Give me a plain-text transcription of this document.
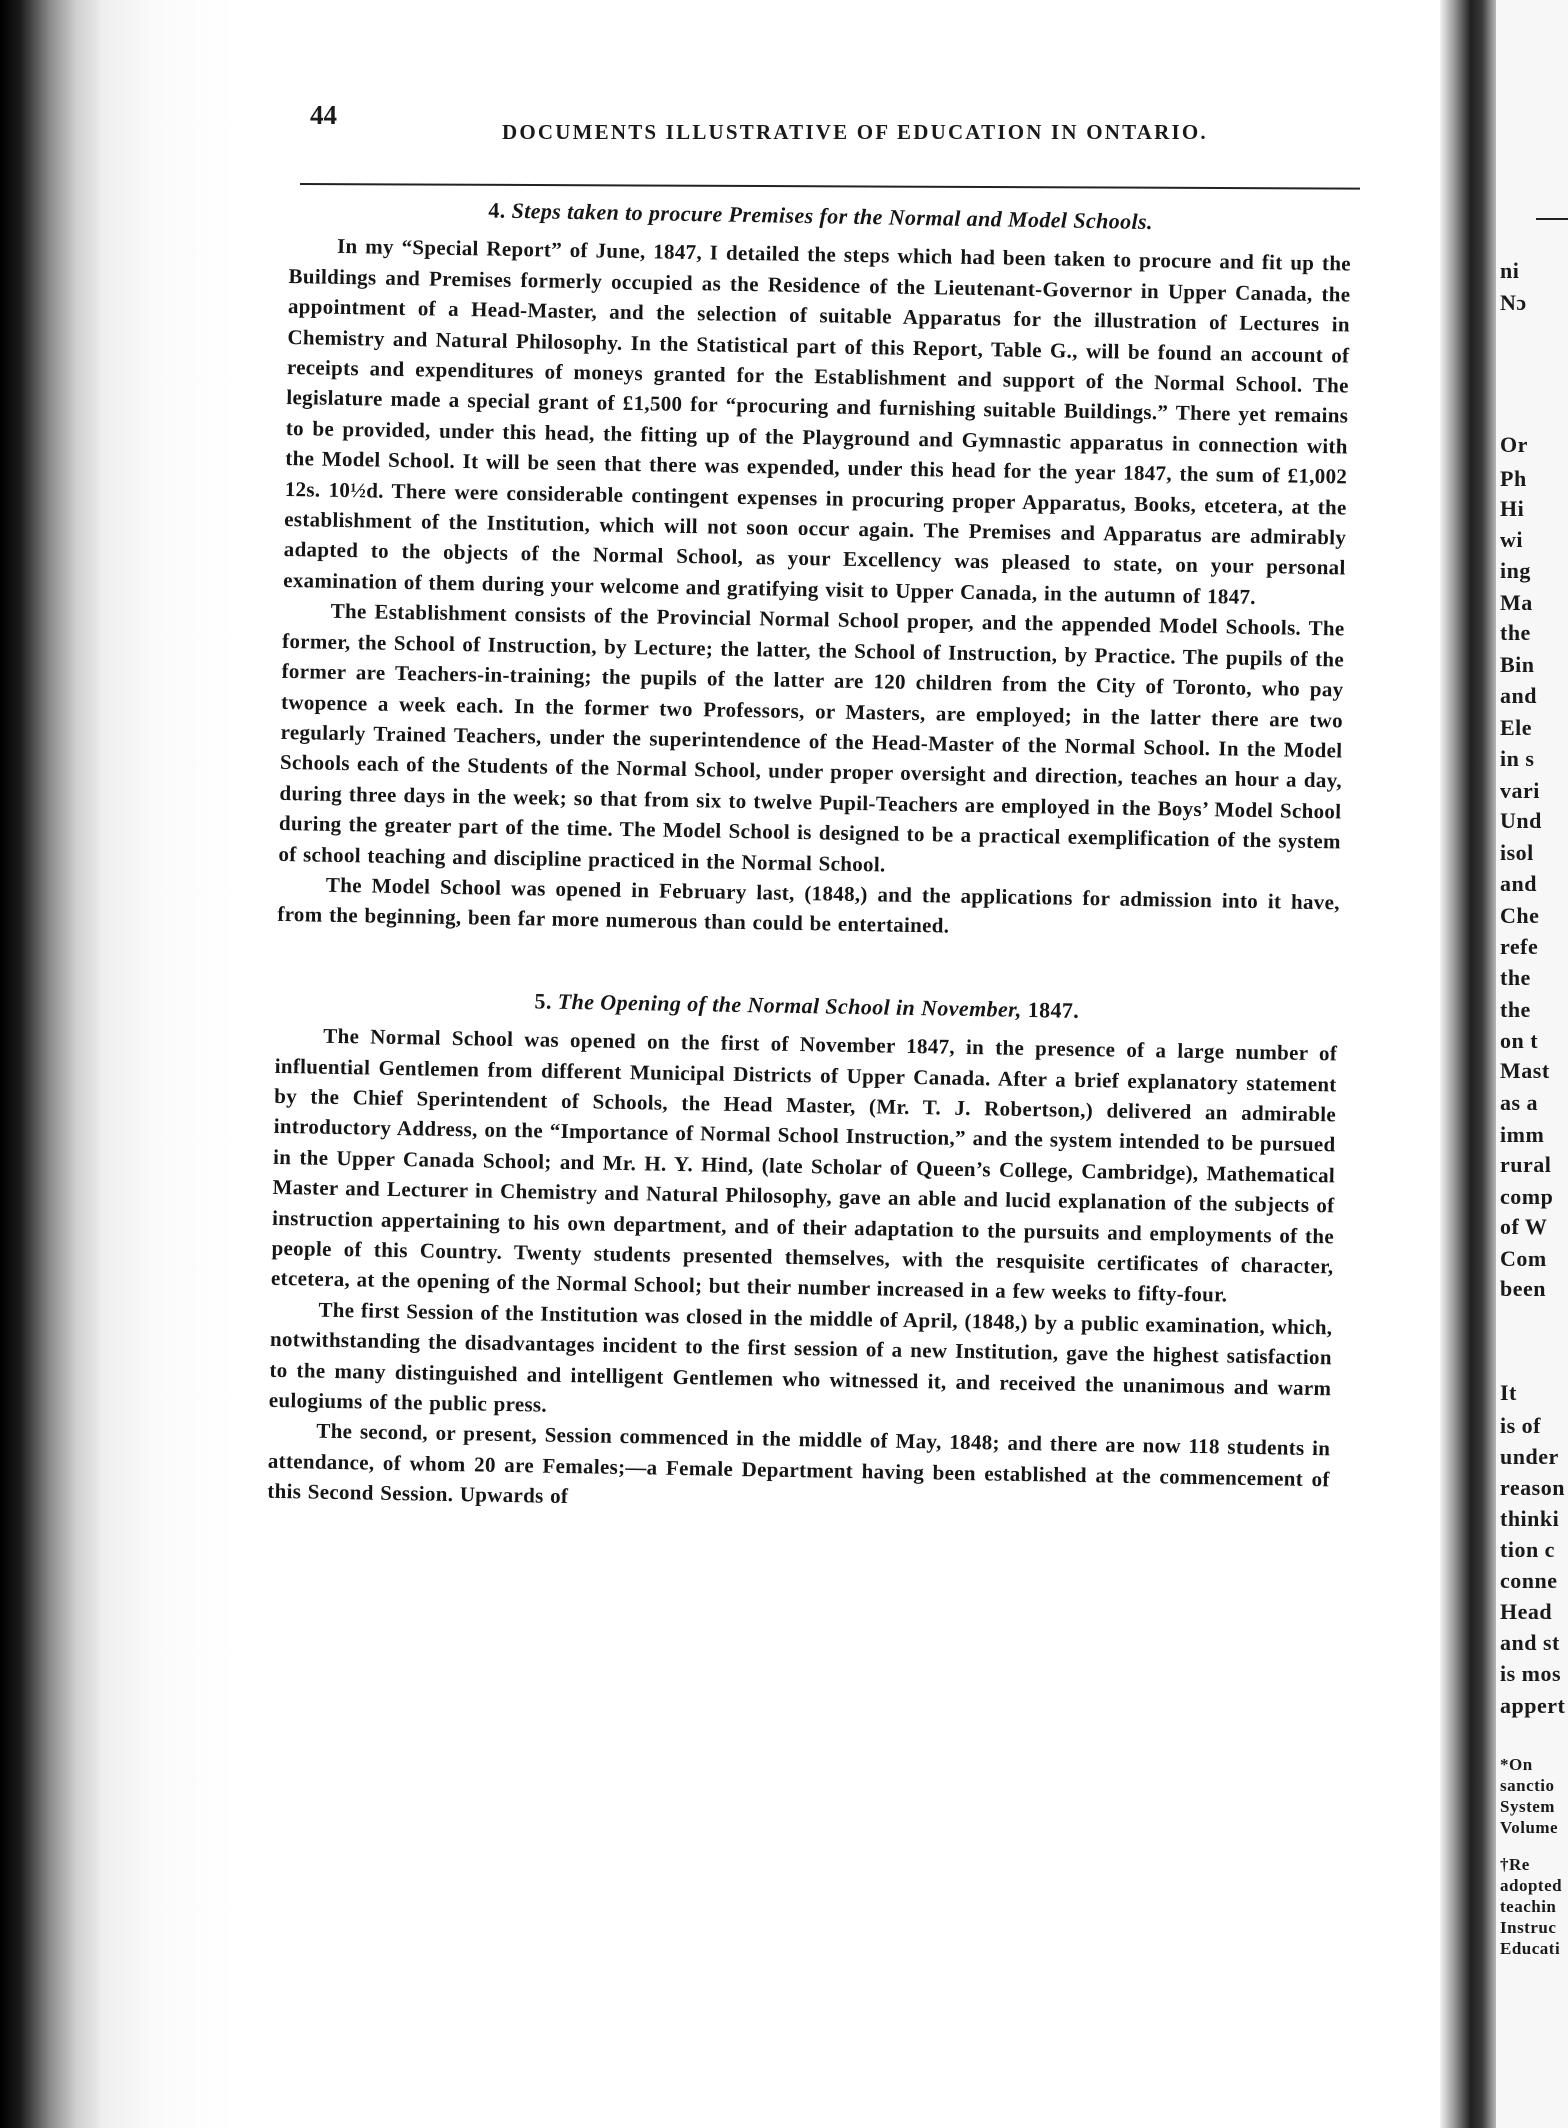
44
DOCUMENTS ILLUSTRATIVE OF EDUCATION IN ONTARIO.
4. Steps taken to procure Premises for the Normal and Model Schools.

In my “Special Report” of June, 1847, I detailed the steps which had been taken to procure and fit up the Buildings and Premises formerly occupied as the Residence of the Lieutenant-Governor in Upper Canada, the appointment of a Head-Master, and the selection of suitable Apparatus for the illustration of Lectures in Chemistry and Natural Philosophy. In the Statistical part of this Report, Table G., will be found an account of receipts and expenditures of moneys granted for the Establishment and support of the Normal School. The legislature made a special grant of £1,500 for “procuring and furnishing suitable Buildings.” There yet remains to be provided, under this head, the fitting up of the Playground and Gymnastic apparatus in connection with the Model School. It will be seen that there was expended, under this head for the year 1847, the sum of £1,002 12s. 10½d. There were considerable contingent expenses in procuring proper Apparatus, Books, etcetera, at the establishment of the Institution, which will not soon occur again. The Premises and Apparatus are admirably adapted to the objects of the Normal School, as your Excellency was pleased to state, on your personal examination of them during your welcome and gratifying visit to Upper Canada, in the autumn of 1847.

The Establishment consists of the Provincial Normal School proper, and the appended Model Schools. The former, the School of Instruction, by Lecture; the latter, the School of Instruction, by Practice. The pupils of the former are Teachers-in-training; the pupils of the latter are 120 children from the City of Toronto, who pay twopence a week each. In the former two Professors, or Masters, are employed; in the latter there are two regularly Trained Teachers, under the superintendence of the Head-Master of the Normal School. In the Model Schools each of the Students of the Normal School, under proper oversight and direction, teaches an hour a day, during three days in the week; so that from six to twelve Pupil-Teachers are employed in the Boys’ Model School during the greater part of the time. The Model School is designed to be a practical exemplification of the system of school teaching and discipline practiced in the Normal School.

The Model School was opened in February last, (1848,) and the applications for admission into it have, from the beginning, been far more numerous than could be entertained.

5. The Opening of the Normal School in November, 1847.

The Normal School was opened on the first of November 1847, in the presence of a large number of influential Gentlemen from different Municipal Districts of Upper Canada. After a brief explanatory statement by the Chief Sperintendent of Schools, the Head Master, (Mr. T. J. Robertson,) delivered an admirable introductory Address, on the “Importance of Normal School Instruction,” and the system intended to be pursued in the Upper Canada School; and Mr. H. Y. Hind, (late Scholar of Queen’s College, Cambridge), Mathematical Master and Lecturer in Chemistry and Natural Philosophy, gave an able and lucid explanation of the subjects of instruction appertaining to his own department, and of their adaptation to the pursuits and employments of the people of this Country. Twenty students presented themselves, with the resquisite certificates of character, etcetera, at the opening of the Normal School; but their number increased in a few weeks to fifty-four.

The first Session of the Institution was closed in the middle of April, (1848,) by a public examination, which, notwithstanding the disadvantages incident to the first session of a new Institution, gave the highest satisfaction to the many distinguished and intelligent Gentlemen who witnessed it, and received the unanimous and warm eulogiums of the public press.

The second, or present, Session commenced in the middle of May, 1848; and there are now 118 students in attendance, of whom 20 are Females;—a Female Department having been established at the commencement of this Second Session. Upwards of

ni
Nɔ
Or
Ph
Hi
wi
ing
Ma
the
Bin
and
Ele
in s
vari
Und
isol
and
Che
refe
the
the
on t
Mast
as a
imm
rural
comp
of W
Com
been
It
is of
under
reason
thinki
tion c
conne
Head
and st
is mos
appert
*On
sanctio
System
Volume
†Re
adopted
teachin
Instruc
Educati
